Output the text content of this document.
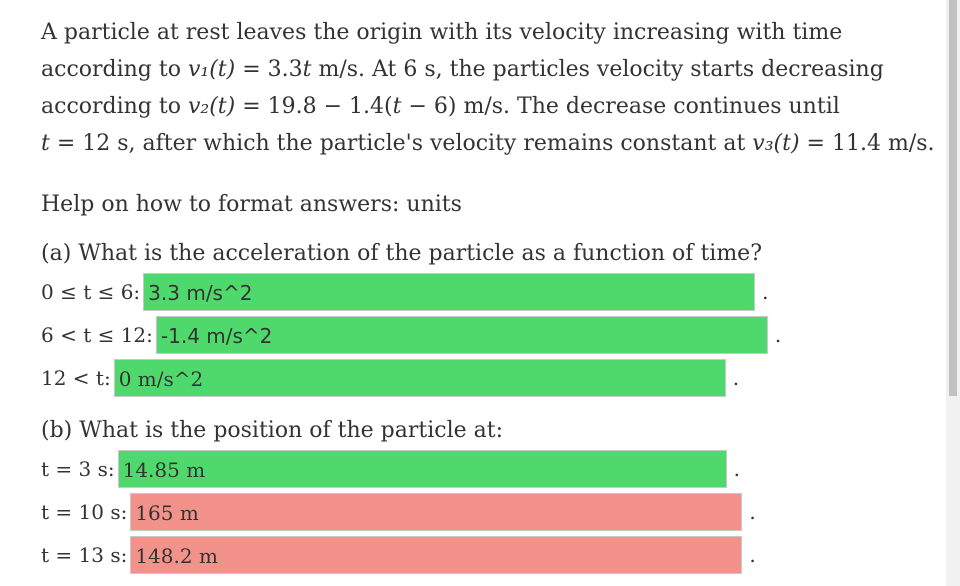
A particle at rest leaves the origin with its velocity increasing with time
according to v₁(t) = 3.3t m/s. At 6 s, the particles velocity starts decreasing
according to v₂(t) = 19.8 − 1.4(t − 6) m/s. The decrease continues until
t = 12 s, after which the particle's velocity remains constant at v₃(t) = 11.4 m/s.

Help on how to format answers: units

(a) What is the acceleration of the particle as a function of time?

0 ≤ t ≤ 6: 3.3 m/s^2	.
6 < t ≤ 12: -1.4 m/s^2	.
12 < t: 0 m/s^2	.

(b) What is the position of the particle at:

t = 3 s: 14.85 m	.
t = 10 s: 165 m	.
t = 13 s: 148.2 m	.
